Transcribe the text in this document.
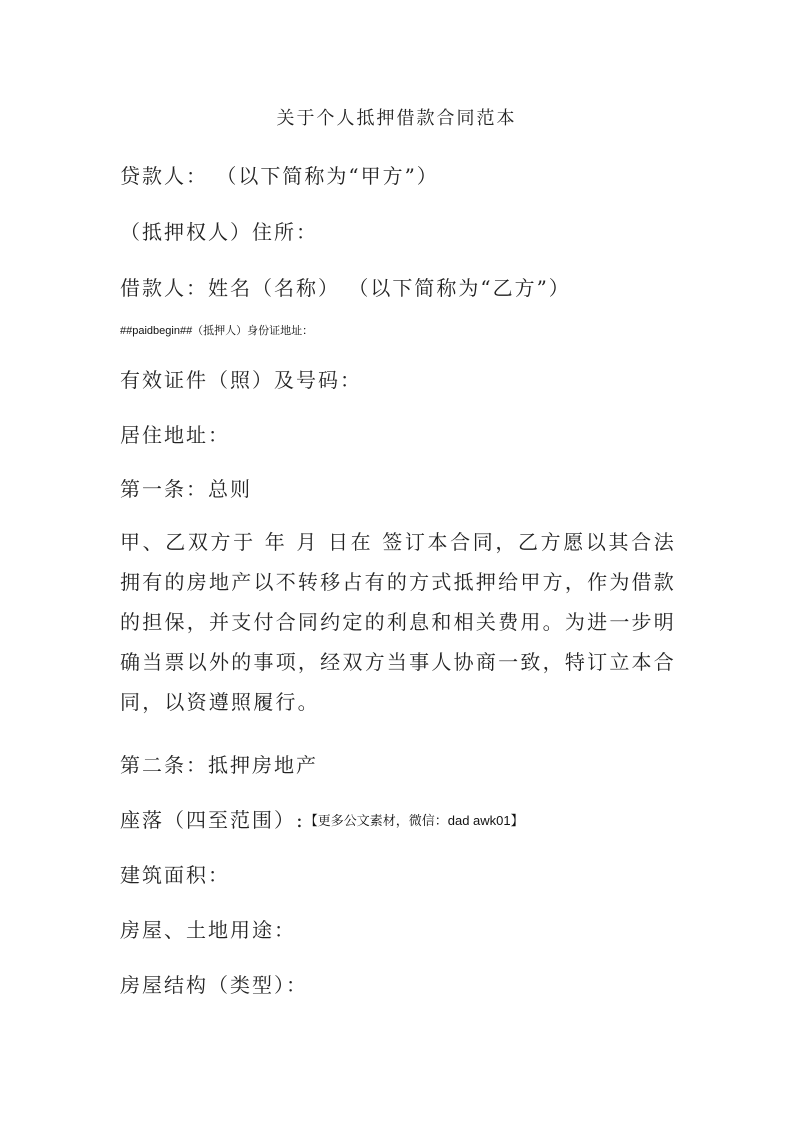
关于个人抵押借款合同范本
贷款人： （以下简称为“甲方”）
（抵押权人）住所：
借款人：姓名（名称） （以下简称为“乙方”）
##paidbegin##（抵押人）身份证地址：
有效证件（照）及号码：
居住地址：
第一条：总则
甲、乙双方于 年 月 日在 签订本合同，乙方愿以其合法拥有的房地产以不转移占有的方式抵押给甲方，作为借款的担保，并支付合同约定的利息和相关费用。为进一步明确当票以外的事项，经双方当事人协商一致，特订立本合同，以资遵照履行。
第二条：抵押房地产
座落（四至范围）:【更多公文素材，微信：dad awk01】
建筑面积：
房屋、土地用途：
房屋结构（类型）：
